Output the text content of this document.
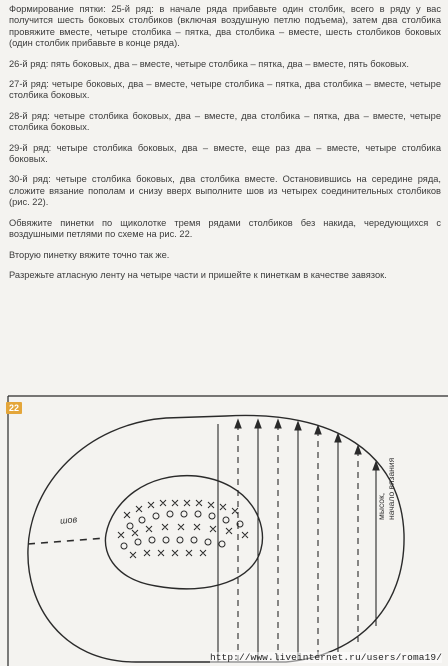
Формирование пятки: 25-й ряд: в начале ряда прибавьте один столбик, всего в ряду у вас получится шесть боковых столбиков (включая воздушную петлю подъема), затем два столбика провяжите вместе, четыре столбика – пятка, два столбика – вместе, шесть столбиков боковых (один столбик прибавьте в конце ряда).

26-й ряд: пять боковых, два – вместе, четыре столбика – пятка, два – вместе, пять боковых.

27-й ряд: четыре боковых, два – вместе, четыре столбика – пятка, два столбика – вместе, четыре столбика боковых.

28-й ряд: четыре столбика боковых, два – вместе, два столбика – пятка, два – вместе, четыре столбика боковых.

29-й ряд: четыре столбика боковых, два – вместе, еще раз два – вместе, четыре столбика боковых.

30-й ряд: четыре столбика боковых, два столбика вместе. Остановившись на середине ряда, сложите вязание пополам и снизу вверх выполните шов из четырех соединительных столбиков (рис. 22).

Обвяжите пинетки по щиколотке тремя рядами столбиков без накида, чередующихся с воздушными петлями по схеме на рис. 22.

Вторую пинетку вяжите точно так же.

Разрежьте атласную ленту на четыре части и пришейте к пинеткам в качестве завязок.

22
шов	мысок, начало вязания
http://www.liveinternet.ru/users/roma19/
